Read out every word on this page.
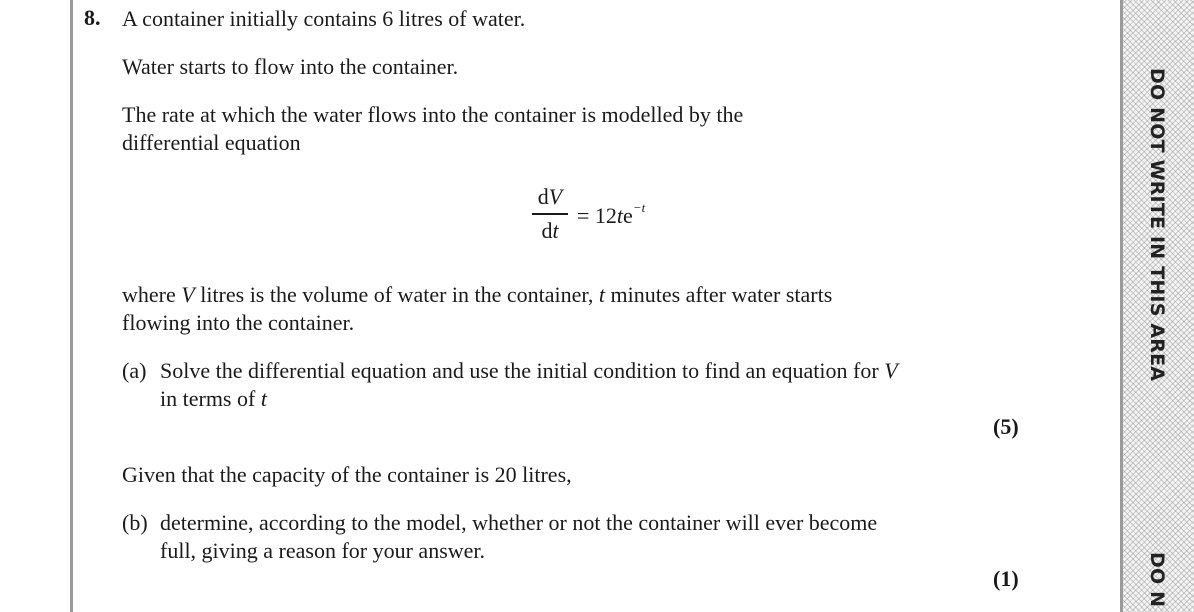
DO NOT WRITE IN THIS AREA
DO N
8. A container initially contains 6 litres of water.
Water starts to flow into the container.
The rate at which the water flows into the container is modelled by the
differential equation
dV
dt
= $12te^{-t}$
where V litres is the volume of water in the container, t minutes after water starts
flowing into the container.
(a) Solve the differential equation and use the initial condition to find an equation for V
in terms of t
(5)
Given that the capacity of the container is 20 litres,
(b) determine, according to the model, whether or not the container will ever become
full, giving a reason for your answer.
(1)
